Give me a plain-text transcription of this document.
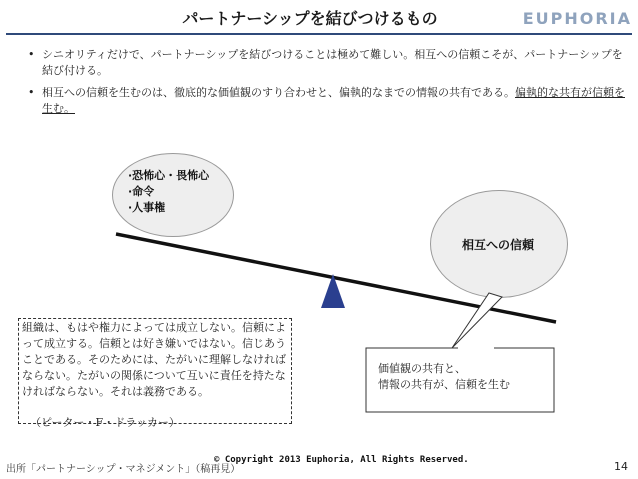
パートナーシップを結びつけるもの	EUPHORIA
• シニオリティだけで、パートナーシップを結びつけることは極めて難しい。相互への信頼こそが、パートナーシップを結び付ける。
• 相互への信頼を生むのは、徹底的な価値観のすり合わせと、偏執的なまでの情報の共有である。偏執的な共有が信頼を生む。
·恐怖心・畏怖心
·命令
·人事権
相互への信頼
価値観の共有と、
情報の共有が、信頼を生む

組織は、もはや権力によっては成立しない。信頼によって成立する。信頼とは好き嫌いではない。信じあうことである。そのためには、たがいに理解しなければならない。たがいの関係について互いに責任を持たなければならない。それは義務である。

（ピーター・F・ドラッカー）
出所「パートナーシップ・マネジメント」（稿再見）
© Copyright 2013 Euphoria, All Rights Reserved.	14
